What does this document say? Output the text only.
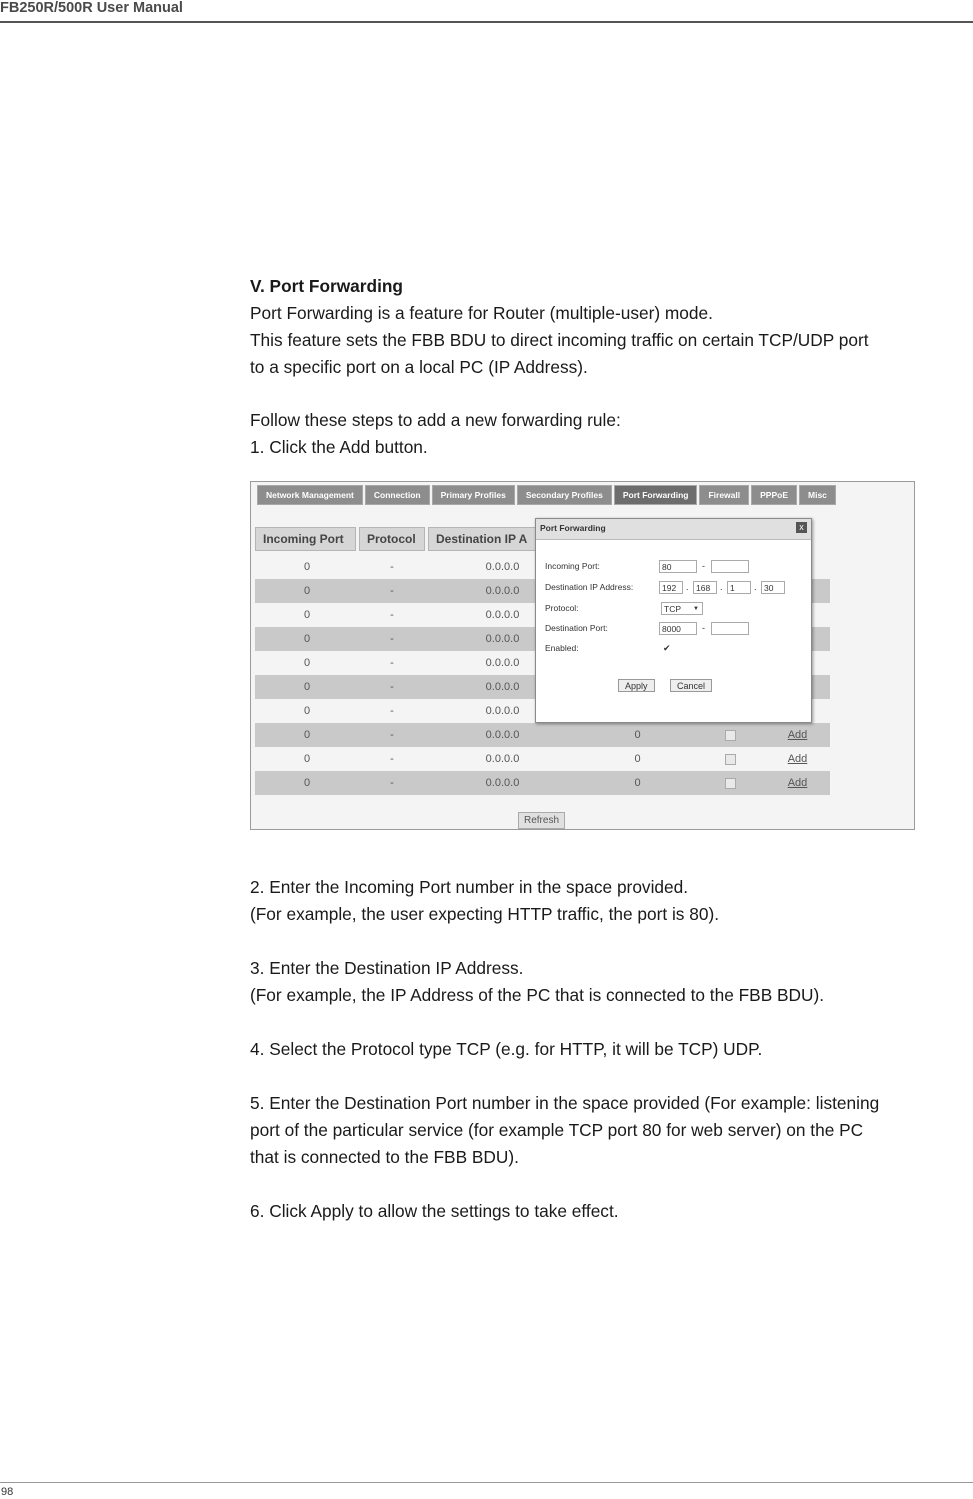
FB250R/500R User Manual

V. Port Forwarding

Port Forwarding is a feature for Router (multiple-user) mode.

This feature sets the FBB BDU to direct incoming traffic on certain TCP/UDP port

to a specific port on a local PC (IP Address).

Follow these steps to add a new forwarding rule:

1. Click the Add button.

Network Management	Connection	Primary Profiles	Secondary Profiles	Port Forwarding	Firewall	PPPoE	Misc
Incoming Port	Protocol	Destination IP A
0	-	0.0.0.0
0	-	0.0.0.0
0	-	0.0.0.0
0	-	0.0.0.0
0	-	0.0.0.0
0	-	0.0.0.0
0	-	0.0.0.0
0	-	0.0.0.0	0	Add
0	-	0.0.0.0	0	Add
0	-	0.0.0.0	0	Add
Refresh
Port Forwarding	x
Incoming Port:	80	-
Destination IP Address:	192	. 168	. 1	. 30
Protocol:	TCP ▼
Destination Port:	8000	-
Enabled:	✔
Apply	Cancel

2. Enter the Incoming Port number in the space provided.

(For example, the user expecting HTTP traffic, the port is 80).

3. Enter the Destination IP Address.

(For example, the IP Address of the PC that is connected to the FBB BDU).

4. Select the Protocol type TCP (e.g. for HTTP, it will be TCP) UDP.

5. Enter the Destination Port number in the space provided (For example: listening

port of the particular service (for example TCP port 80 for web server) on the PC

that is connected to the FBB BDU).

6. Click Apply to allow the settings to take effect.

98
